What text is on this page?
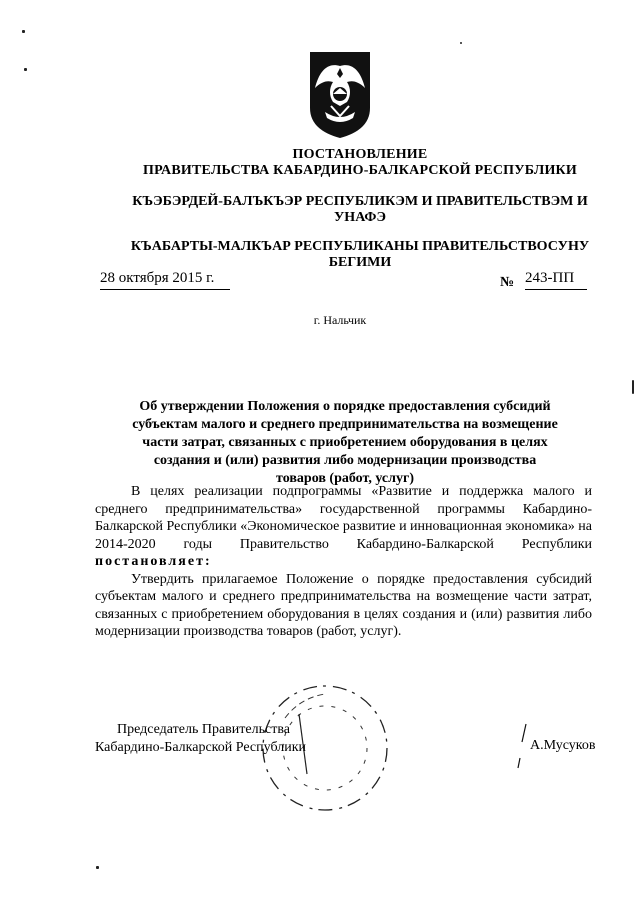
ПОСТАНОВЛЕНИЕ
ПРАВИТЕЛЬСТВА КАБАРДИНО-БАЛКАРСКОЙ РЕСПУБЛИКИ
КЪЭБЭРДЕЙ-БАЛЪКЪЭР РЕСПУБЛИКЭМ И ПРАВИТЕЛЬСТВЭМ И
УНАФЭ
КЪАБАРТЫ-МАЛКЪАР РЕСПУБЛИКАНЫ ПРАВИТЕЛЬСТВОСУНУ
БЕГИМИ
28 октября 2015 г.	№ 243-ПП
г. Нальчик
Об утверждении Положения о порядке предоставления субсидий
субъектам малого и среднего предпринимательства на возмещение
части затрат, связанных с приобретением оборудования в целях
создания и (или) развития либо модернизации производства
товаров (работ, услуг)

В целях реализации подпрограммы «Развитие и поддержка малого и среднего предпринимательства» государственной программы Кабардино-Балкарской Республики «Экономическое развитие и инновационная экономика» на 2014-2020 годы Правительство Кабардино-Балкарской Республики постановляет:

Утвердить прилагаемое Положение о порядке предоставления субсидий субъектам малого и среднего предпринимательства на возмещение части затрат, связанных с приобретением оборудования в целях создания и (или) развития либо модернизации производства товаров (работ, услуг).

Председатель Правительства
Кабардино-Балкарской Республики	А.Мусуков
